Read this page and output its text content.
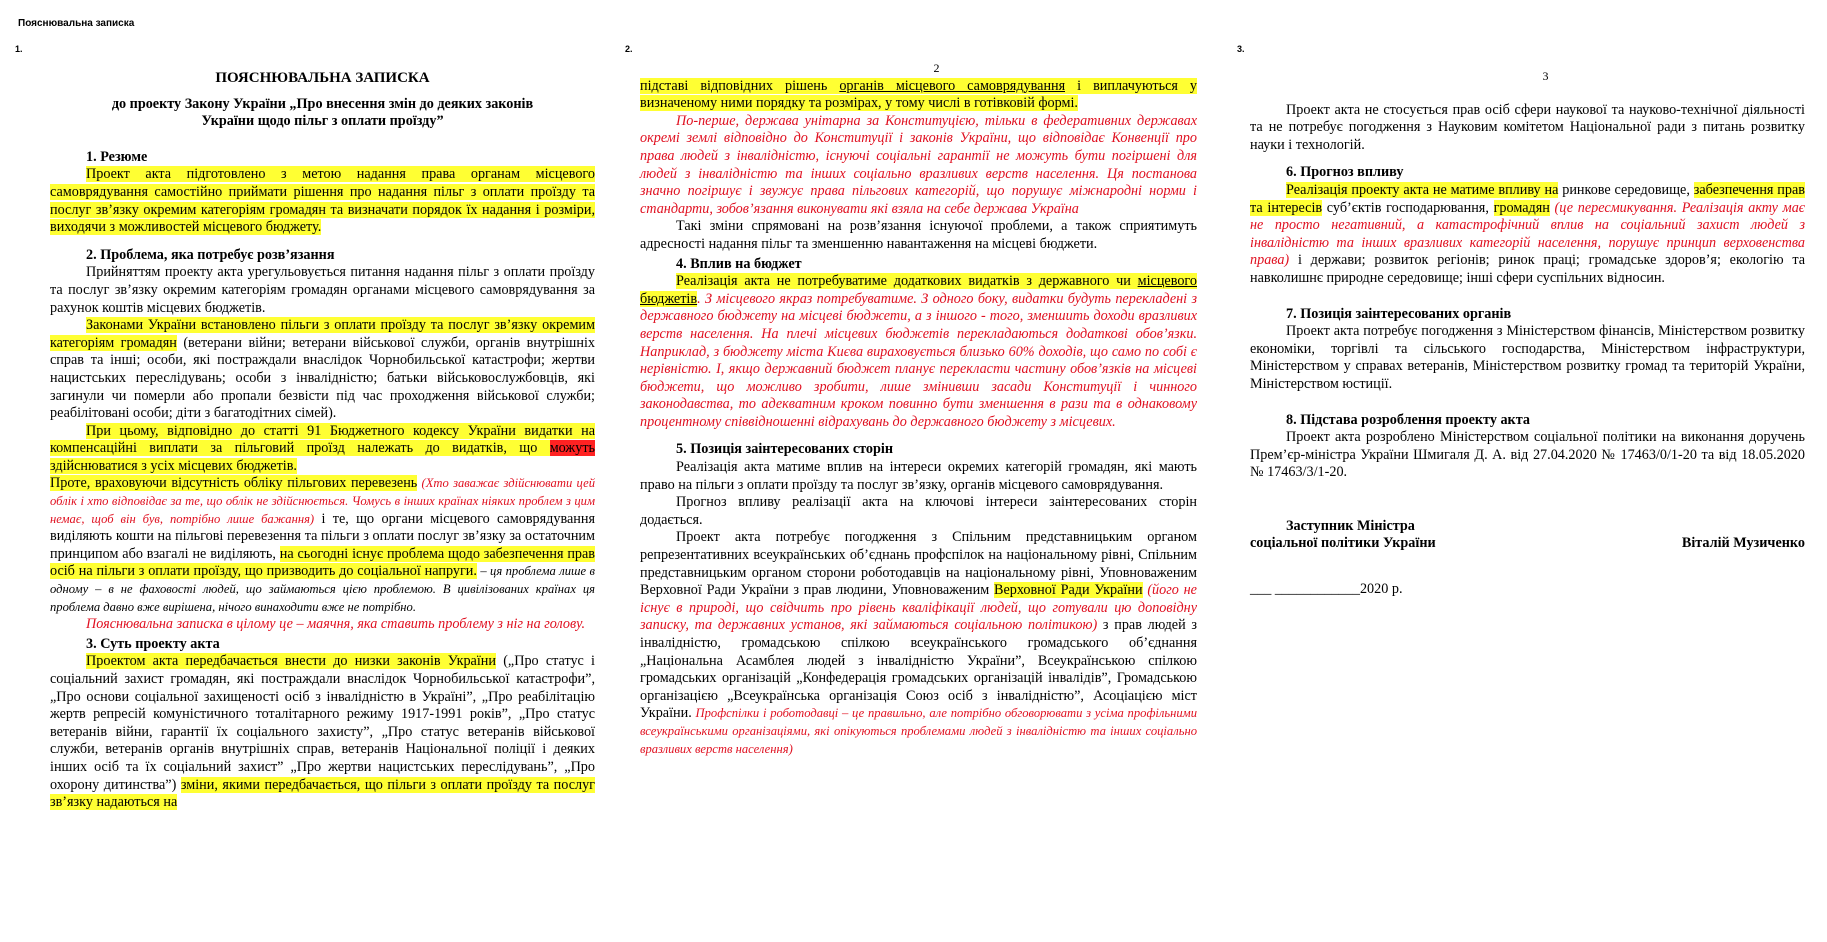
Пояснювальна записка
1.	2.	3.

ПОЯСНЮВАЛЬНА ЗАПИСКА

до проекту Закону України „Про внесення змін до деяких законів України щодо пільг з оплати проїзду”

1. Резюме

Проект акта підготовлено з метою надання права органам місцевого самоврядування самостійно приймати рішення про надання пільг з оплати проїзду та послуг зв’язку окремим категоріям громадян та визначати порядок їх надання і розміри, виходячи з можливостей місцевого бюджету.

2. Проблема, яка потребує розв’язання

Прийняттям проекту акта урегульовується питання надання пільг з оплати проїзду та послуг зв’язку окремим категоріям громадян органами місцевого самоврядування за рахунок коштів місцевих бюджетів.

Законами України встановлено пільги з оплати проїзду та послуг зв’язку окремим категоріям громадян (ветерани війни; ветерани військової служби, органів внутрішніх справ та інші; особи, які постраждали внаслідок Чорнобильської катастрофи; жертви нацистських переслідувань; особи з інвалідністю; батьки військовослужбовців, які загинули чи померли або пропали безвісти під час проходження військової служби; реабілітовані особи; діти з багатодітних сімей).

При цьому, відповідно до статті 91 Бюджетного кодексу України видатки на компенсаційні виплати за пільговий проїзд належать до видатків, що можуть здійснюватися з усіх місцевих бюджетів.

Проте, враховуючи відсутність обліку пільгових перевезень (Хто заважає здійснювати цей облік і хто відповідає за те, що облік не здійснюється. Чомусь в інших країнах ніяких проблем з цим немає, щоб він був, потрібно лише бажання) і те, що органи місцевого самоврядування виділяють кошти на пільгові перевезення та пільги з оплати послуг зв’язку за остаточним принципом або взагалі не виділяють, на сьогодні існує проблема щодо забезпечення прав осіб на пільги з оплати проїзду, що призводить до соціальної напруги. – ця проблема лише в одному – в не фаховості людей, що займаються цією проблемою. В цивілізованих країнах ця проблема давно вже вирішена, нічого винаходити вже не потрібно.

Пояснювальна записка в цілому це – маячня, яка ставить проблему з ніг на голову.

3. Суть проекту акта

Проектом акта передбачається внести до низки законів України („Про статус і соціальний захист громадян, які постраждали внаслідок Чорнобильської катастрофи”, „Про основи соціальної захищеності осіб з інвалідністю в Україні”, „Про реабілітацію жертв репресій комуністичного тоталітарного режиму 1917-1991 років”, „Про статус ветеранів війни, гарантії їх соціального захисту”, „Про статус ветеранів військової служби, ветеранів органів внутрішніх справ, ветеранів Національної поліції і деяких інших осіб та їх соціальний захист” „Про жертви нацистських переслідувань”, „Про охорону дитинства”) зміни, якими передбачається, що пільги з оплати проїзду та послуг зв’язку надаються на

2

підставі відповідних рішень органів місцевого самоврядування і виплачуються у визначеному ними порядку та розмірах, у тому числі в готівковій формі.

По-перше, держава унітарна за Конституцією, тільки в федеративних державах окремі землі відповідно до Конституції і законів України, що відповідає Конвенції про права людей з інвалідністю, існуючі соціальні гарантії не можуть бути погіршені для людей з інвалідністю та інших соціально вразливих верств населення. Ця постанова значно погіршує і звужує права пільгових категорій, що порушує міжнародні норми і стандарти, зобов’язання виконувати які взяла на себе держава Україна

Такі зміни спрямовані на розв’язання існуючої проблеми, а також сприятимуть адресності надання пільг та зменшенню навантаження на місцеві бюджети.

4. Вплив на бюджет

Реалізація акта не потребуватиме додаткових видатків з державного чи місцевого бюджетів. З місцевого якраз потребуватиме. З одного боку, видатки будуть перекладені з державного бюджету на місцеві бюджети, а з іншого - того, зменшить доходи вразливих верств населення. На плечі місцевих бюджетів перекладаються додаткові обов’язки. Наприклад, з бюджету міста Києва вираховується близько 60% доходів, що само по собі є нерівністю. І, якщо державний бюджет планує перекласти частину обов’язків на місцеві бюджети, що можливо зробити, лише змінивши засади Конституції і чинного законодавства, то адекватним кроком повинно бути зменшення в рази та в однаковому процентному співвідношенні відрахувань до державного бюджету з місцевих.

5. Позиція заінтересованих сторін

Реалізація акта матиме вплив на інтереси окремих категорій громадян, які мають право на пільги з оплати проїзду та послуг зв’язку, органів місцевого самоврядування.

Прогноз впливу реалізації акта на ключові інтереси заінтересованих сторін додається.

Проект акта потребує погодження з Спільним представницьким органом репрезентативних всеукраїнських об’єднань профспілок на національному рівні, Спільним представницьким органом сторони роботодавців на національному рівні, Уповноваженим Верховної Ради України з прав людини, Уповноваженим Верховної Ради України (його не існує в природі, що свідчить про рівень кваліфікації людей, що готували цю доповідну записку, та державних установ, які займаються соціальною політикою) з прав людей з інвалідністю, громадською спілкою всеукраїнського громадського об’єднання „Національна Асамблея людей з інвалідністю України”, Всеукраїнською спілкою громадських організацій „Конфедерація громадських організацій інвалідів”, Громадською організацією „Всеукраїнська організація Союз осіб з інвалідністю”, Асоціацією міст України. Профспілки і роботодавці – це правильно, але потрібно обговорювати з усіма профільними всеукраїнськими організаціями, які опікуються проблемами людей з інвалідністю та інших соціально вразливих верств населення)

3

Проект акта не стосується прав осіб сфери наукової та науково-технічної діяльності та не потребує погодження з Науковим комітетом Національної ради з питань розвитку науки і технологій.

6. Прогноз впливу

Реалізація проекту акта не матиме впливу на ринкове середовище, забезпечення прав та інтересів суб’єктів господарювання, громадян (це пересмикування. Реалізація акту має не просто негативний, а катастрофічний вплив на соціальний захист людей з інвалідністю та інших вразливих категорій населення, порушує принцип верховенства права) і держави; розвиток регіонів; ринок праці; громадське здоров’я; екологію та навколишнє природне середовище; інші сфери суспільних відносин.

7. Позиція заінтересованих органів

Проект акта потребує погодження з Міністерством фінансів, Міністерством розвитку економіки, торгівлі та сільського господарства, Міністерством інфраструктури, Міністерством у справах ветеранів, Міністерством розвитку громад та територій України, Міністерством юстиції.

8. Підстава розроблення проекту акта

Проект акта розроблено Міністерством соціальної політики на виконання доручень Прем’єр-міністра України Шмигаля Д. А. від 27.04.2020 № 17463/0/1-20 та від 18.05.2020 № 17463/3/1-20.

Заступник Міністра

соціальної політики України	Віталій Музиченко

___ ____________2020 р.
